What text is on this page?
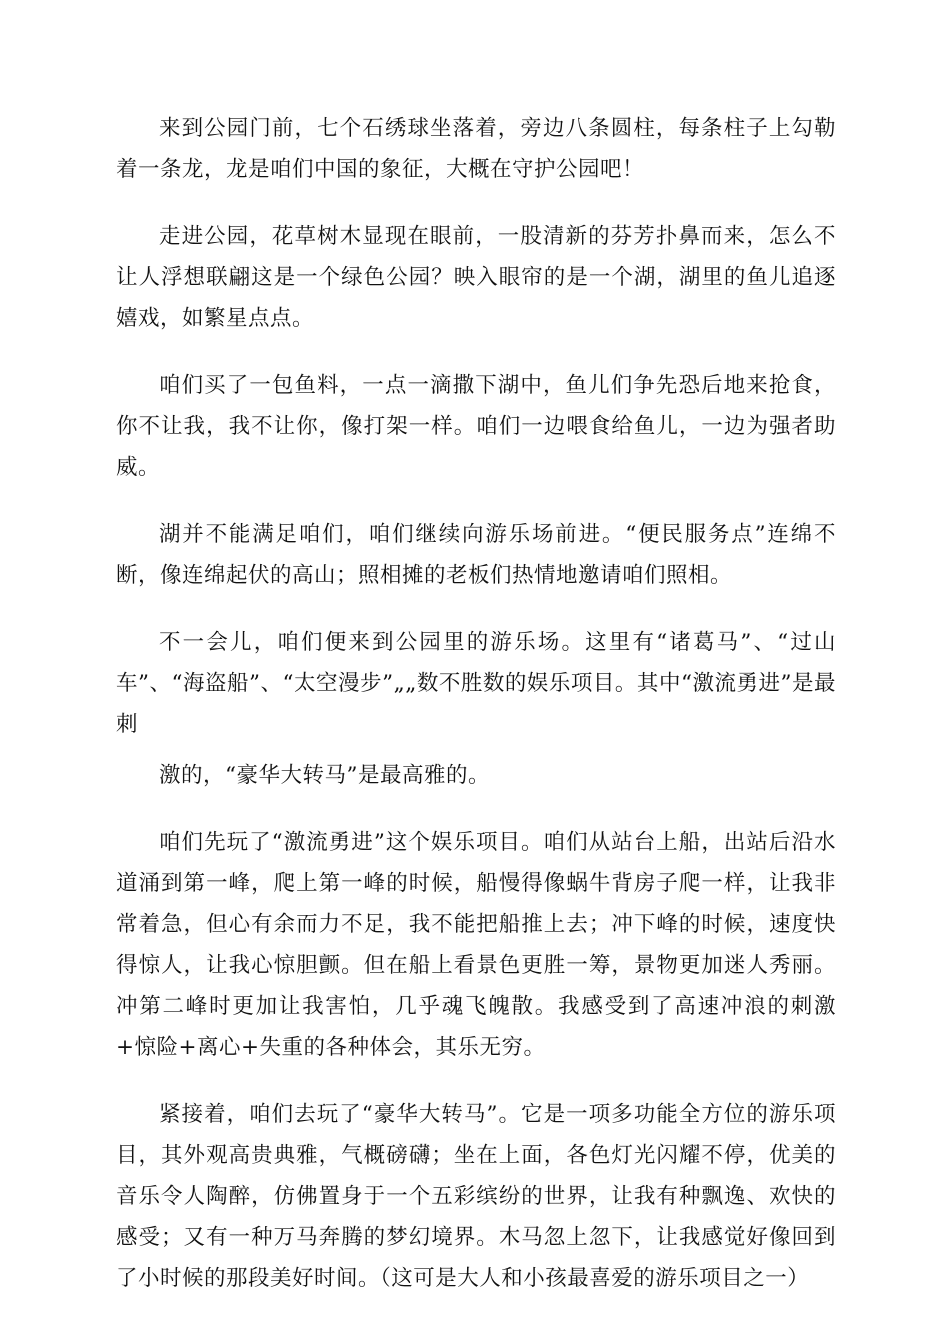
来到公园门前，七个石绣球坐落着，旁边八条圆柱，每条柱子上勾勒着一条龙，龙是咱们中国的象征，大概在守护公园吧！

走进公园，花草树木显现在眼前，一股清新的芬芳扑鼻而来，怎么不让人浮想联翩这是一个绿色公园？映入眼帘的是一个湖，湖里的鱼儿追逐嬉戏，如繁星点点。

咱们买了一包鱼料，一点一滴撒下湖中，鱼儿们争先恐后地来抢食，你不让我，我不让你，像打架一样。咱们一边喂食给鱼儿，一边为强者助威。

湖并不能满足咱们，咱们继续向游乐场前进。“便民服务点”连绵不断，像连绵起伏的高山；照相摊的老板们热情地邀请咱们照相。

不一会儿，咱们便来到公园里的游乐场。这里有“诸葛马”、“过山车”、“海盗船”、“太空漫步”„„数不胜数的娱乐项目。其中“激流勇进”是最刺

激的，“豪华大转马”是最高雅的。

咱们先玩了“激流勇进”这个娱乐项目。咱们从站台上船，出站后沿水道涌到第一峰，爬上第一峰的时候，船慢得像蜗牛背房子爬一样，让我非常着急，但心有余而力不足，我不能把船推上去；冲下峰的时候，速度快得惊人，让我心惊胆颤。但在船上看景色更胜一筹，景物更加迷人秀丽。冲第二峰时更加让我害怕，几乎魂飞魄散。我感受到了高速冲浪的刺激+惊险+离心+失重的各种体会，其乐无穷。

紧接着，咱们去玩了“豪华大转马”。它是一项多功能全方位的游乐项目，其外观高贵典雅，气概磅礴；坐在上面，各色灯光闪耀不停，优美的音乐令人陶醉，仿佛置身于一个五彩缤纷的世界，让我有种飘逸、欢快的感受；又有一种万马奔腾的梦幻境界。木马忽上忽下，让我感觉好像回到了小时候的那段美好时间。（这可是大人和小孩最喜爱的游乐项目之一）
